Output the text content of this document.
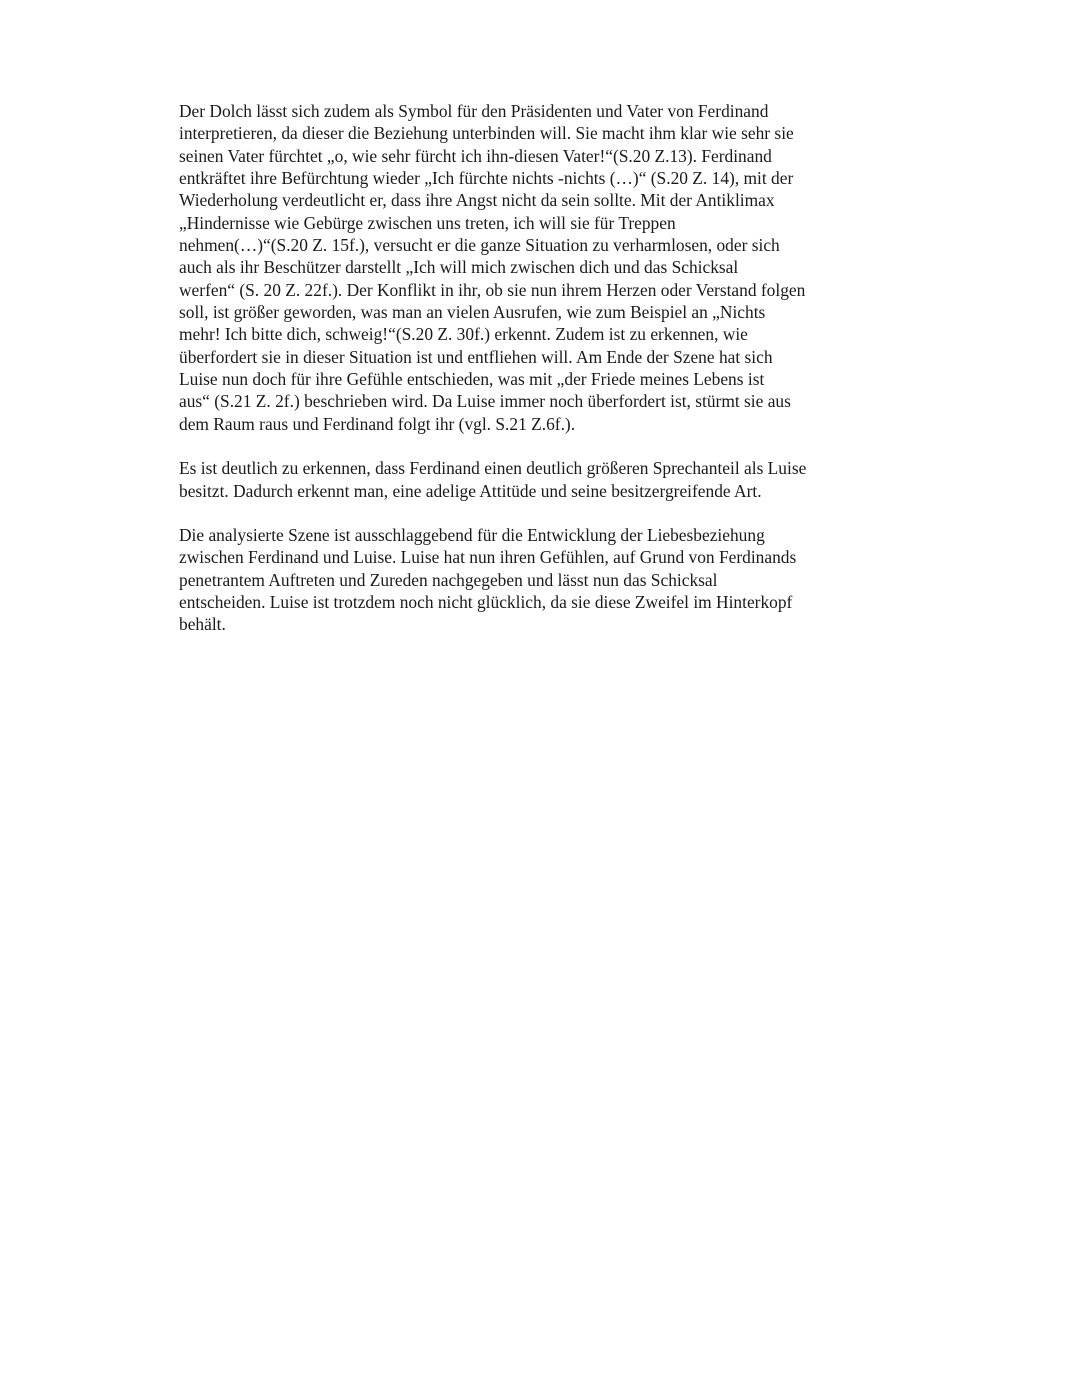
Der Dolch lässt sich zudem als Symbol für den Präsidenten und Vater von Ferdinand
interpretieren, da dieser die Beziehung unterbinden will. Sie macht ihm klar wie sehr sie
seinen Vater fürchtet „o, wie sehr fürcht ich ihn-diesen Vater!“(S.20 Z.13). Ferdinand
entkräftet ihre Befürchtung wieder „Ich fürchte nichts -nichts (…)“ (S.20 Z. 14), mit der
Wiederholung verdeutlicht er, dass ihre Angst nicht da sein sollte. Mit der Antiklimax
„Hindernisse wie Gebürge zwischen uns treten, ich will sie für Treppen
nehmen(…)“(S.20 Z. 15f.), versucht er die ganze Situation zu verharmlosen, oder sich
auch als ihr Beschützer darstellt „Ich will mich zwischen dich und das Schicksal
werfen“ (S. 20 Z. 22f.). Der Konflikt in ihr, ob sie nun ihrem Herzen oder Verstand folgen
soll, ist größer geworden, was man an vielen Ausrufen, wie zum Beispiel an „Nichts
mehr! Ich bitte dich, schweig!“(S.20 Z. 30f.) erkennt. Zudem ist zu erkennen, wie
überfordert sie in dieser Situation ist und entfliehen will. Am Ende der Szene hat sich
Luise nun doch für ihre Gefühle entschieden, was mit „der Friede meines Lebens ist
aus“ (S.21 Z. 2f.) beschrieben wird. Da Luise immer noch überfordert ist, stürmt sie aus
dem Raum raus und Ferdinand folgt ihr (vgl. S.21 Z.6f.).
Es ist deutlich zu erkennen, dass Ferdinand einen deutlich größeren Sprechanteil als Luise
besitzt. Dadurch erkennt man, eine adelige Attitüde und seine besitzergreifende Art.
Die analysierte Szene ist ausschlaggebend für die Entwicklung der Liebesbeziehung
zwischen Ferdinand und Luise. Luise hat nun ihren Gefühlen, auf Grund von Ferdinands
penetrantem Auftreten und Zureden nachgegeben und lässt nun das Schicksal
entscheiden. Luise ist trotzdem noch nicht glücklich, da sie diese Zweifel im Hinterkopf
behält.
